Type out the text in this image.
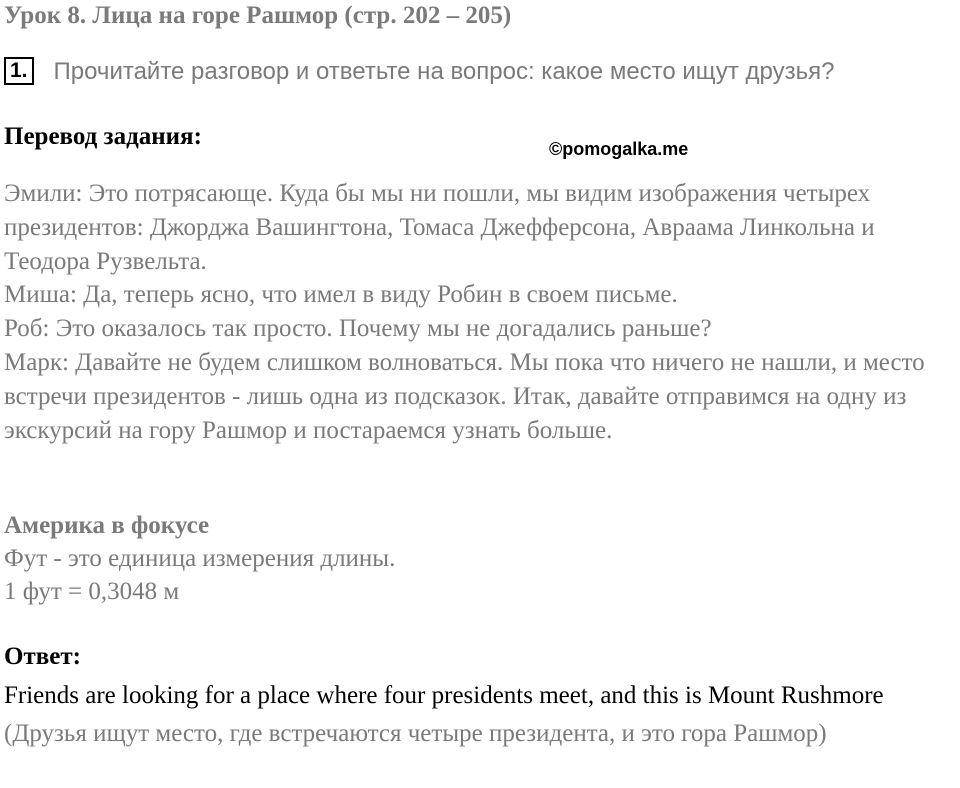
Урок 8. Лица на горе Рашмор (стр. 202 – 205)
1. Прочитайте разговор и ответьте на вопрос: какое место ищут друзья?
Перевод задания:	©pomogalka.me

Эмили: Это потрясающе. Куда бы мы ни пошли, мы видим изображения четырех президентов: Джорджа Вашингтона, Томаса Джефферсона, Авраама Линкольна и Теодора Рузвельта.

Миша: Да, теперь ясно, что имел в виду Робин в своем письме.

Роб: Это оказалось так просто. Почему мы не догадались раньше?

Марк: Давайте не будем слишком волноваться. Мы пока что ничего не нашли, и место встречи президентов - лишь одна из подсказок. Итак, давайте отправимся на одну из экскурсий на гору Рашмор и постараемся узнать больше.

Америка в фокусе
Фут - это единица измерения длины.
1 фут = 0,3048 м
Ответ:
Friends are looking for a place where four presidents meet, and this is Mount Rushmore (Друзья ищут место, где встречаются четыре президента, и это гора Рашмор)
